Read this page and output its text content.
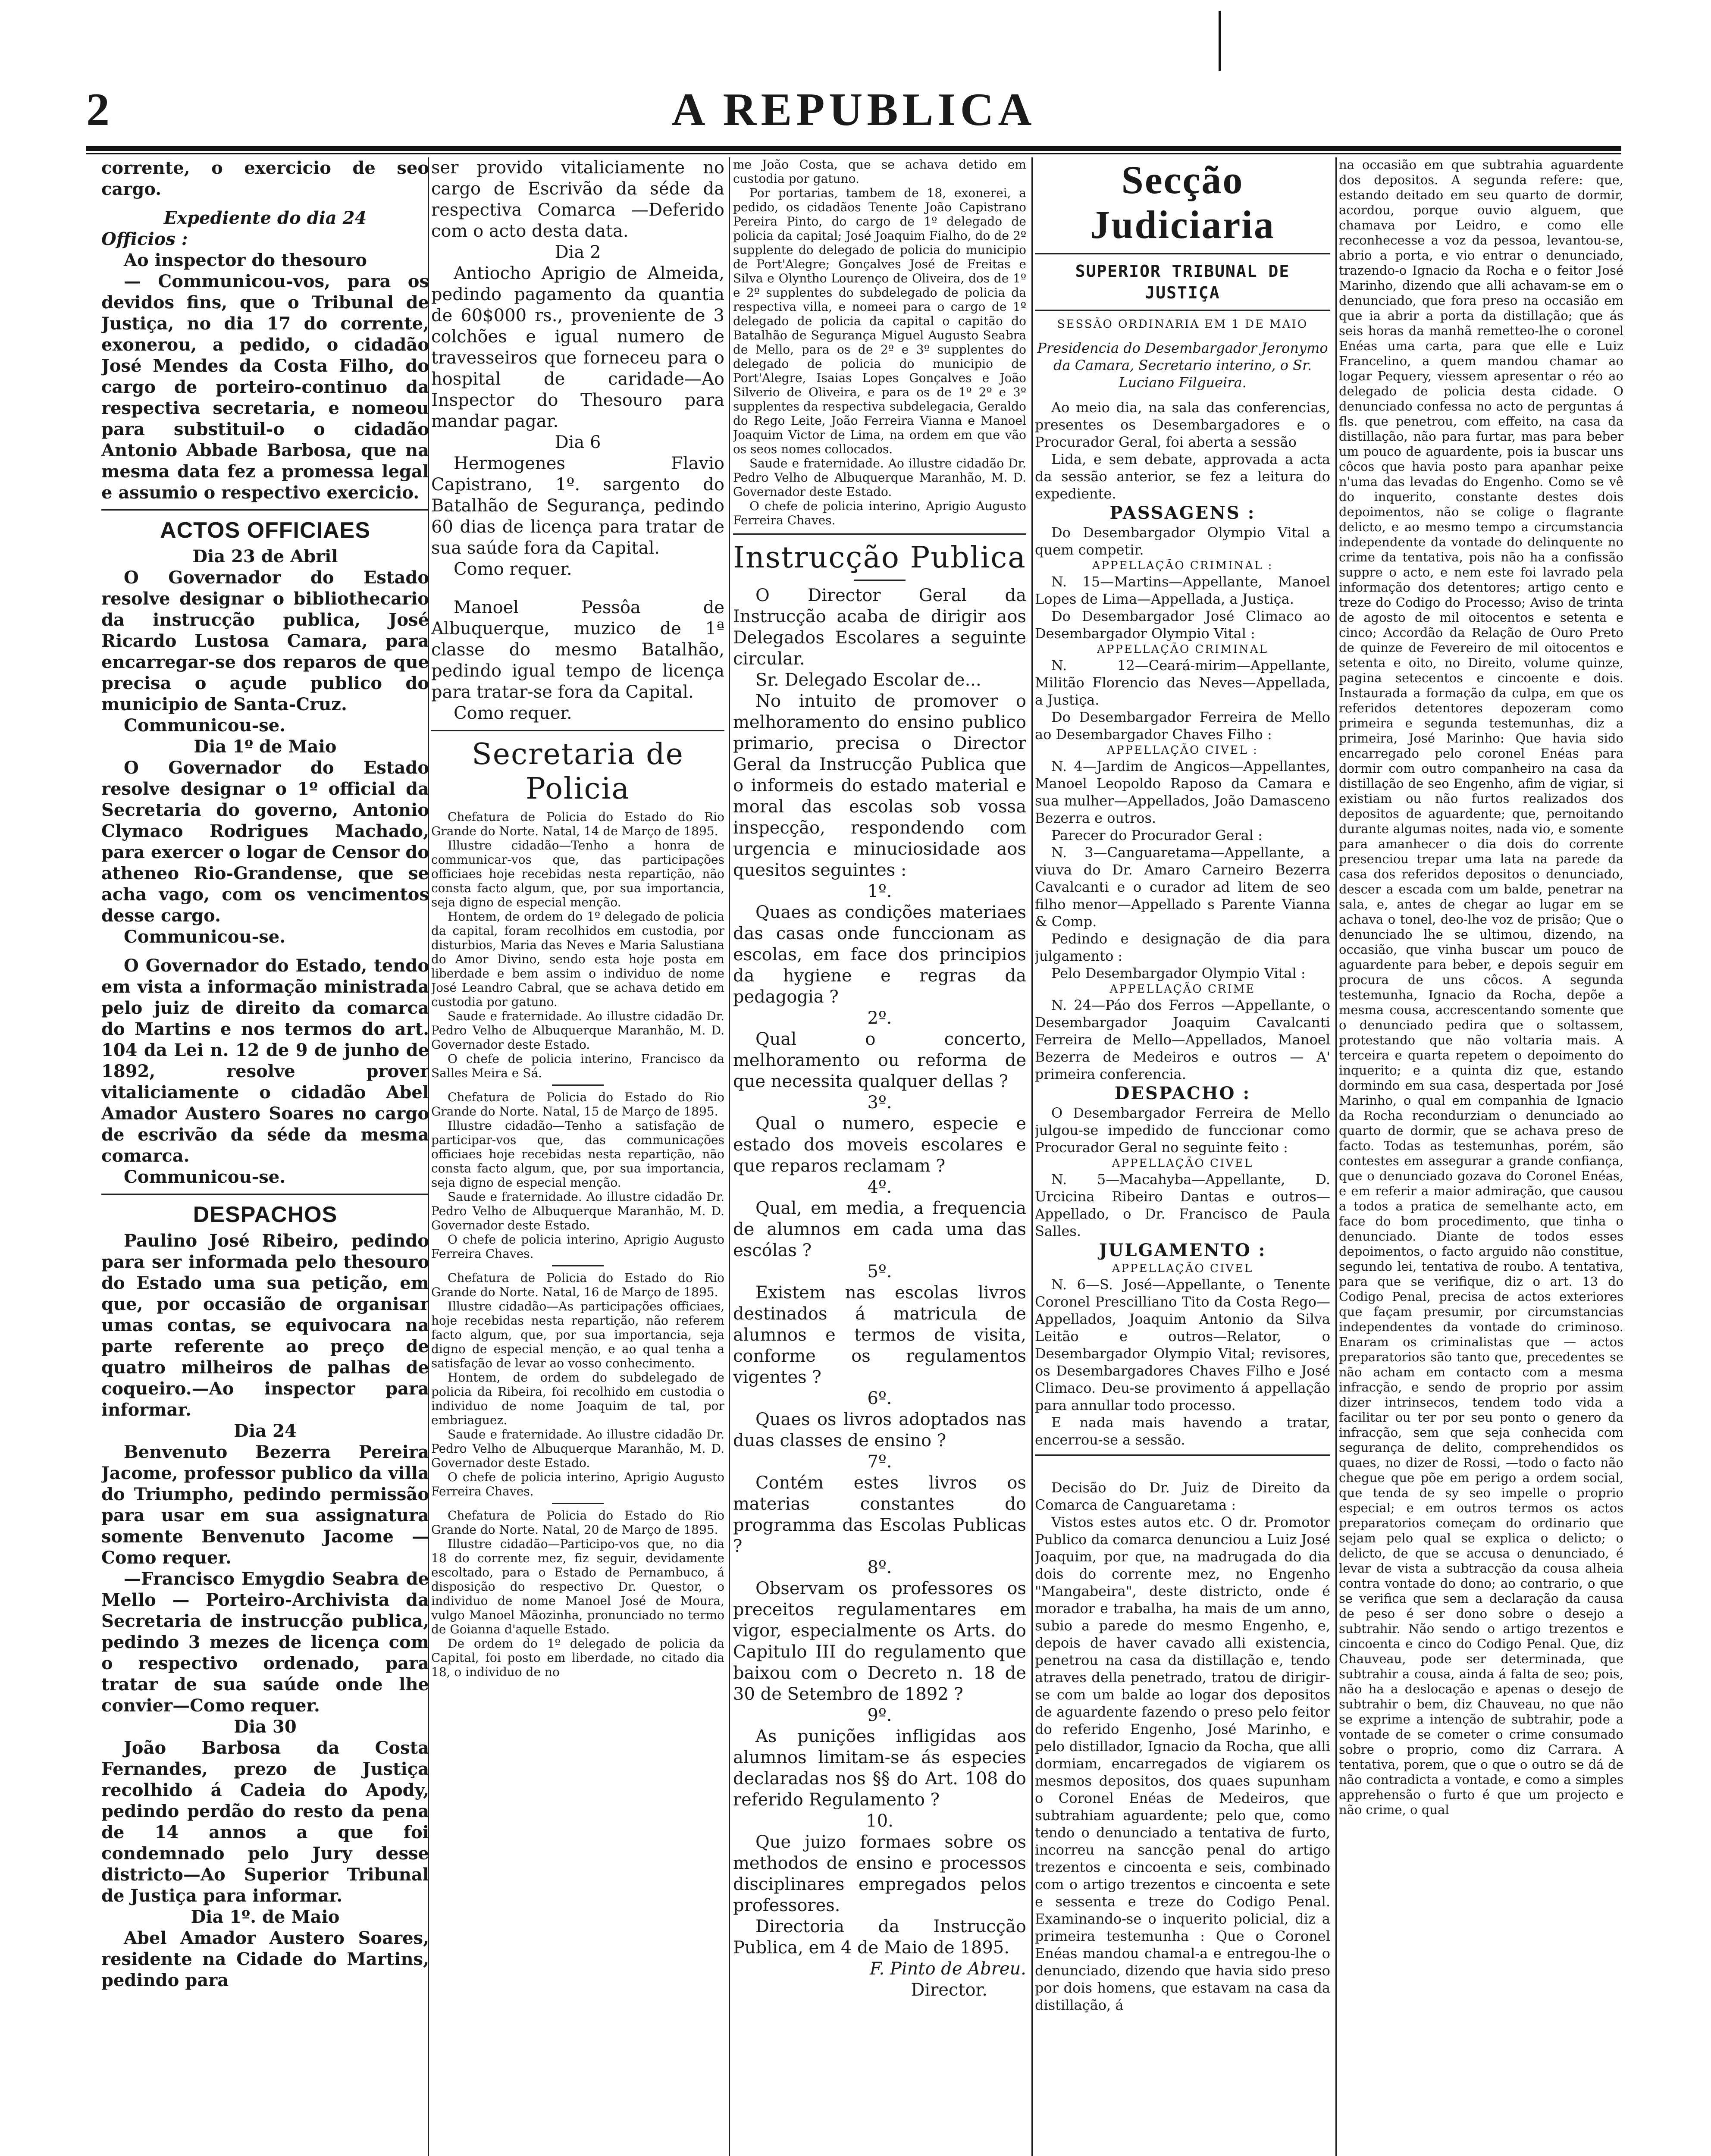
A REPUBLICA
2

corrente, o exercicio de seo cargo.

Expediente do dia 24

Officios :

Ao inspector do thesouro

— Communicou-vos, para os devidos fins, que o Tribunal de Justiça, no dia 17 do corrente, exonerou, a pedido, o cidadão José Mendes da Costa Filho, do cargo de porteiro-continuo da respectiva secretaria, e nomeou para substituil-o o cidadão Antonio Abbade Barbosa, que na mesma data fez a promessa legal e assumio o respectivo exercicio.

ACTOS OFFICIAES

Dia 23 de Abril

O Governador do Estado resolve designar o bibliothecario da instrucção publica, José Ricardo Lustosa Camara, para encarregar-se dos reparos de que precisa o açude publico do municipio de Santa-Cruz.

Communicou-se.

Dia 1º de Maio

O Governador do Estado resolve designar o 1º official da Secretaria do governo, Antonio Clymaco Rodrigues Machado, para exercer o logar de Censor do atheneo Rio-Grandense, que se acha vago, com os vencimentos desse cargo.

Communicou-se.

O Governador do Estado, tendo em vista a informação ministrada pelo juiz de direito da comarca do Martins e nos termos do art. 104 da Lei n. 12 de 9 de junho de 1892, resolve prover vitaliciamente o cidadão Abel Amador Austero Soares no cargo de escrivão da séde da mesma comarca.

Communicou-se.

DESPACHOS

Paulino José Ribeiro, pedindo para ser informada pelo thesouro do Estado uma sua petição, em que, por occasião de organisar umas contas, se equivocara na parte referente ao preço de quatro milheiros de palhas de coqueiro.—Ao inspector para informar.

Dia 24

Benvenuto Bezerra Pereira Jacome, professor publico da villa do Triumpho, pedindo permissão para usar em sua assignatura somente Benvenuto Jacome — Como requer.

—Francisco Emygdio Seabra de Mello — Porteiro-Archivista da Secretaria de instrucção publica, pedindo 3 mezes de licença com o respectivo ordenado, para tratar de sua saúde onde lhe convier—Como requer.

Dia 30

João Barbosa da Costa Fernandes, prezo de Justiça recolhido á Cadeia do Apody, pedindo perdão do resto da pena de 14 annos a que foi condemnado pelo Jury desse districto—Ao Superior Tribunal de Justiça para informar.

Dia 1º. de Maio

Abel Amador Austero Soares, residente na Cidade do Martins, pedindo para

ser provido vitaliciamente no cargo de Escrivão da séde da respectiva Comarca —Deferido com o acto desta data.

Dia 2

Antiocho Aprigio de Almeida, pedindo pagamento da quantia de 60$000 rs., proveniente de 3 colchões e igual numero de travesseiros que forneceu para o hospital de caridade—Ao Inspector do Thesouro para mandar pagar.

Dia 6

Hermogenes Flavio Capistrano, 1º. sargento do Batalhão de Segurança, pedindo 60 dias de licença para tratar de sua saúde fora da Capital.

Como requer.

Manoel Pessôa de Albuquerque, muzico de 1ª classe do mesmo Batalhão, pedindo igual tempo de licença para tratar-se fora da Capital.

Como requer.

Secretaria de Policia

Chefatura de Policia do Estado do Rio Grande do Norte. Natal, 14 de Março de 1895.

Illustre cidadão—Tenho a honra de communicar-vos que, das participações officiaes hoje recebidas nesta repartição, não consta facto algum, que, por sua importancia, seja digno de especial menção.

Hontem, de ordem do 1º delegado de policia da capital, foram recolhidos em custodia, por disturbios, Maria das Neves e Maria Salustiana do Amor Divino, sendo esta hoje posta em liberdade e bem assim o individuo de nome José Leandro Cabral, que se achava detido em custodia por gatuno.

Saude e fraternidade. Ao illustre cidadão Dr. Pedro Velho de Albuquerque Maranhão, M. D. Governador deste Estado.

O chefe de policia interino, Francisco da Salles Meira e Sá.

Chefatura de Policia do Estado do Rio Grande do Norte. Natal, 15 de Março de 1895.

Illustre cidadão—Tenho a satisfação de participar-vos que, das communicações officiaes hoje recebidas nesta repartição, não consta facto algum, que, por sua importancia, seja digno de especial menção.

Saude e fraternidade. Ao illustre cidadão Dr. Pedro Velho de Albuquerque Maranhão, M. D. Governador deste Estado.

O chefe de policia interino, Aprigio Augusto Ferreira Chaves.

Chefatura de Policia do Estado do Rio Grande do Norte. Natal, 16 de Março de 1895.

Illustre cidadão—As participações officiaes, hoje recebidas nesta repartição, não referem facto algum, que, por sua importancia, seja digno de especial menção, e ao qual tenha a satisfação de levar ao vosso conhecimento.

Hontem, de ordem do subdelegado de policia da Ribeira, foi recolhido em custodia o individuo de nome Joaquim de tal, por embriaguez.

Saude e fraternidade. Ao illustre cidadão Dr. Pedro Velho de Albuquerque Maranhão, M. D. Governador deste Estado.

O chefe de policia interino, Aprigio Augusto Ferreira Chaves.

Chefatura de Policia do Estado do Rio Grande do Norte. Natal, 20 de Março de 1895.

Illustre cidadão—Participo-vos que, no dia 18 do corrente mez, fiz seguir, devidamente escoltado, para o Estado de Pernambuco, á disposição do respectivo Dr. Questor, o individuo de nome Manoel José de Moura, vulgo Manoel Mãozinha, pronunciado no termo de Goianna d'aquelle Estado.

De ordem do 1º delegado de policia da Capital, foi posto em liberdade, no citado dia 18, o individuo de no

me João Costa, que se achava detido em custodia por gatuno.

Por portarias, tambem de 18, exonerei, a pedido, os cidadãos Tenente João Capistrano Pereira Pinto, do cargo de 1º delegado de policia da capital; José Joaquim Fialho, do de 2º supplente do delegado de policia do municipio de Port'Alegre; Gonçalves José de Freitas e Silva e Olyntho Lourenço de Oliveira, dos de 1º e 2º supplentes do subdelegado de policia da respectiva villa, e nomeei para o cargo de 1º delegado de policia da capital o capitão do Batalhão de Segurança Miguel Augusto Seabra de Mello, para os de 2º e 3º supplentes do delegado de policia do municipio de Port'Alegre, Isaias Lopes Gonçalves e João Silverio de Oliveira, e para os de 1º 2º e 3º supplentes da respectiva subdelegacia, Geraldo do Rego Leite, João Ferreira Vianna e Manoel Joaquim Victor de Lima, na ordem em que vão os seos nomes collocados.

Saude e fraternidade. Ao illustre cidadão Dr. Pedro Velho de Albuquerque Maranhão, M. D. Governador deste Estado.

O chefe de policia interino, Aprigio Augusto Ferreira Chaves.

Instrucção Publica

O Director Geral da Instrucção acaba de dirigir aos Delegados Escolares a seguinte circular.

Sr. Delegado Escolar de...

No intuito de promover o melhoramento do ensino publico primario, precisa o Director Geral da Instrucção Publica que o informeis do estado material e moral das escolas sob vossa inspecção, respondendo com urgencia e minuciosidade aos quesitos seguintes :

1º.

Quaes as condições materiaes das casas onde funccionam as escolas, em face dos principios da hygiene e regras da pedagogia ?

2º.

Qual o concerto, melhoramento ou reforma de que necessita qualquer dellas ?

3º.

Qual o numero, especie e estado dos moveis escolares e que reparos reclamam ?

4º.

Qual, em media, a frequencia de alumnos em cada uma das escólas ?

5º.

Existem nas escolas livros destinados á matricula de alumnos e termos de visita, conforme os regulamentos vigentes ?

6º.

Quaes os livros adoptados nas duas classes de ensino ?

7º.

Contém estes livros os materias constantes do programma das Escolas Publicas ?

8º.

Observam os professores os preceitos regulamentares em vigor, especialmente os Arts. do Capitulo III do regulamento que baixou com o Decreto n. 18 de 30 de Setembro de 1892 ?

9º.

As punições infligidas aos alumnos limitam-se ás especies declaradas nos §§ do Art. 108 do referido Regulamento ?

10.

Que juizo formaes sobre os methodos de ensino e processos disciplinares empregados pelos professores.

Directoria da Instrucção Publica, em 4 de Maio de 1895.

F. Pinto de Abreu.

Director.

Secção Judiciaria
SUPERIOR TRIBUNAL DE JUSTIÇA
SESSÃO ORDINARIA EM 1 DE MAIO

Presidencia do Desembargador Jeronymo da Camara, Secretario interino, o Sr. Luciano Filgueira.

Ao meio dia, na sala das conferencias, presentes os Desembargadores e o Procurador Geral, foi aberta a sessão

Lida, e sem debate, approvada a acta da sessão anterior, se fez a leitura do expediente.

PASSAGENS :

Do Desembargador Olympio Vital a quem competir.

APPELLAÇÃO CRIMINAL :

N. 15—Martins—Appellante, Manoel Lopes de Lima—Appellada, a Justiça.

Do Desembargador José Climaco ao Desembargador Olympio Vital :

APPELLAÇÃO CRIMINAL

N. 12—Ceará-mirim—Appellante, Militão Florencio das Neves—Appellada, a Justiça.

Do Desembargador Ferreira de Mello ao Desembargador Chaves Filho :

APPELLAÇÃO CIVEL :

N. 4—Jardim de Angicos—Appellantes, Manoel Leopoldo Raposo da Camara e sua mulher—Appellados, João Damasceno Bezerra e outros.

Parecer do Procurador Geral :

N. 3—Canguaretama—Appellante, a viuva do Dr. Amaro Carneiro Bezerra Cavalcanti e o curador ad litem de seo filho menor—Appellado s Parente Vianna & Comp.

Pedindo e designação de dia para julgamento :

Pelo Desembargador Olympio Vital :

APPELLAÇÃO CRIME

N. 24—Páo dos Ferros —Appellante, o Desembargador Joaquim Cavalcanti Ferreira de Mello—Appellados, Manoel Bezerra de Medeiros e outros — A' primeira conferencia.

DESPACHO :

O Desembargador Ferreira de Mello julgou-se impedido de funccionar como Procurador Geral no seguinte feito :

APPELLAÇÃO CIVEL

N. 5—Macahyba—Appellante, D. Urcicina Ribeiro Dantas e outros—Appellado, o Dr. Francisco de Paula Salles.

JULGAMENTO :
APPELLAÇÃO CIVEL

N. 6—S. José—Appellante, o Tenente Coronel Prescilliano Tito da Costa Rego—Appellados, Joaquim Antonio da Silva Leitão e outros—Relator, o Desembargador Olympio Vital; revisores, os Desembargadores Chaves Filho e José Climaco. Deu-se provimento á appellação para annullar todo processo.

E nada mais havendo a tratar, encerrou-se a sessão.

Decisão do Dr. Juiz de Direito da Comarca de Canguaretama :

Vistos estes autos etc. O dr. Promotor Publico da comarca denunciou a Luiz José Joaquim, por que, na madrugada do dia dois do corrente mez, no Engenho "Mangabeira", deste districto, onde é morador e trabalha, ha mais de um anno, subio a parede do mesmo Engenho, e, depois de haver cavado alli existencia, penetrou na casa da distillação e, tendo atraves della penetrado, tratou de dirigir-se com um balde ao logar dos depositos de aguardente fazendo o preso pelo feitor do referido Engenho, José Marinho, e pelo distillador, Ignacio da Rocha, que alli dormiam, encarregados de vigiarem os mesmos depositos, dos quaes supunham o Coronel Enéas de Medeiros, que subtrahiam aguardente; pelo que, como tendo o denunciado a tentativa de furto, incorreu na sancção penal do artigo trezentos e cincoenta e seis, combinado com o artigo trezentos e cincoenta e sete e sessenta e treze do Codigo Penal. Examinando-se o inquerito policial, diz a primeira testemunha : Que o Coronel Enéas mandou chamal-a e entregou-lhe o denunciado, dizendo que havia sido preso por dois homens, que estavam na casa da distillação, á

na occasião em que subtrahia aguardente dos depositos. A segunda refere: que, estando deitado em seu quarto de dormir, acordou, porque ouvio alguem, que chamava por Leidro, e como elle reconhecesse a voz da pessoa, levantou-se, abrio a porta, e vio entrar o denunciado, trazendo-o Ignacio da Rocha e o feitor José Marinho, dizendo que alli achavam-se em o denunciado, que fora preso na occasião em que ia abrir a porta da distillação; que ás seis horas da manhã remetteo-lhe o coronel Enéas uma carta, para que elle e Luiz Francelino, a quem mandou chamar ao logar Pequery, viessem apresentar o réo ao delegado de policia desta cidade. O denunciado confessa no acto de perguntas á fls. que penetrou, com effeito, na casa da distillação, não para furtar, mas para beber um pouco de aguardente, pois ia buscar uns côcos que havia posto para apanhar peixe n'uma das levadas do Engenho. Como se vê do inquerito, constante destes dois depoimentos, não se colige o flagrante delicto, e ao mesmo tempo a circumstancia independente da vontade do delinquente no crime da tentativa, pois não ha a confissão suppre o acto, e nem este foi lavrado pela informação dos detentores; artigo cento e treze do Codigo do Processo; Aviso de trinta de agosto de mil oitocentos e setenta e cinco; Accordão da Relação de Ouro Preto de quinze de Fevereiro de mil oitocentos e setenta e oito, no Direito, volume quinze, pagina setecentos e cincoente e dois. Instaurada a formação da culpa, em que os referidos detentores depozeram como primeira e segunda testemunhas, diz a primeira, José Marinho: Que havia sido encarregado pelo coronel Enéas para dormir com outro companheiro na casa da distillação de seo Engenho, afim de vigiar, si existiam ou não furtos realizados dos depositos de aguardente; que, pernoitando durante algumas noites, nada vio, e somente para amanhecer o dia dois do corrente presenciou trepar uma lata na parede da casa dos referidos depositos o denunciado, descer a escada com um balde, penetrar na sala, e, antes de chegar ao lugar em se achava o tonel, deo-lhe voz de prisão; Que o denunciado lhe se ultimou, dizendo, na occasião, que vinha buscar um pouco de aguardente para beber, e depois seguir em procura de uns côcos. A segunda testemunha, Ignacio da Rocha, depõe a mesma cousa, accrescentando somente que o denunciado pedira que o soltassem, protestando que não voltaria mais. A terceira e quarta repetem o depoimento do inquerito; e a quinta diz que, estando dormindo em sua casa, despertada por José Marinho, o qual em companhia de Ignacio da Rocha recondurziam o denunciado ao quarto de dormir, que se achava preso de facto. Todas as testemunhas, porém, são contestes em assegurar a grande confiança, que o denunciado gozava do Coronel Enéas, e em referir a maior admiração, que causou a todos a pratica de semelhante acto, em face do bom procedimento, que tinha o denunciado. Diante de todos esses depoimentos, o facto arguido não constitue, segundo lei, tentativa de roubo. A tentativa, para que se verifique, diz o art. 13 do Codigo Penal, precisa de actos exteriores que façam presumir, por circumstancias independentes da vontade do criminoso. Enaram os criminalistas que — actos preparatorios são tanto que, precedentes se não acham em contacto com a mesma infracção, e sendo de proprio por assim dizer intrinsecos, tendem todo vida a facilitar ou ter por seu ponto o genero da infracção, sem que seja conhecida com segurança de delito, comprehendidos os quaes, no dizer de Rossi, —todo o facto não chegue que põe em perigo a ordem social, que tenda de sy seo impelle o proprio especial; e em outros termos os actos preparatorios começam do ordinario que sejam pelo qual se explica o delicto; o delicto, de que se accusa o denunciado, é levar de vista a subtracção da cousa alheia contra vontade do dono; ao contrario, o que se verifica que sem a declaração da causa de peso é ser dono sobre o desejo a subtrahir. Não sendo o artigo trezentos e cincoenta e cinco do Codigo Penal. Que, diz Chauveau, pode ser determinada, que subtrahir a cousa, ainda á falta de seo; pois, não ha a deslocação e apenas o desejo de subtrahir o bem, diz Chauveau, no que não se exprime a intenção de subtrahir, pode a vontade de se cometer o crime consumado sobre o proprio, como diz Carrara. A tentativa, porem, que o que o outro se dá de não contradicta a vontade, e como a simples apprehensão o furto é que um projecto e não crime, o qual
